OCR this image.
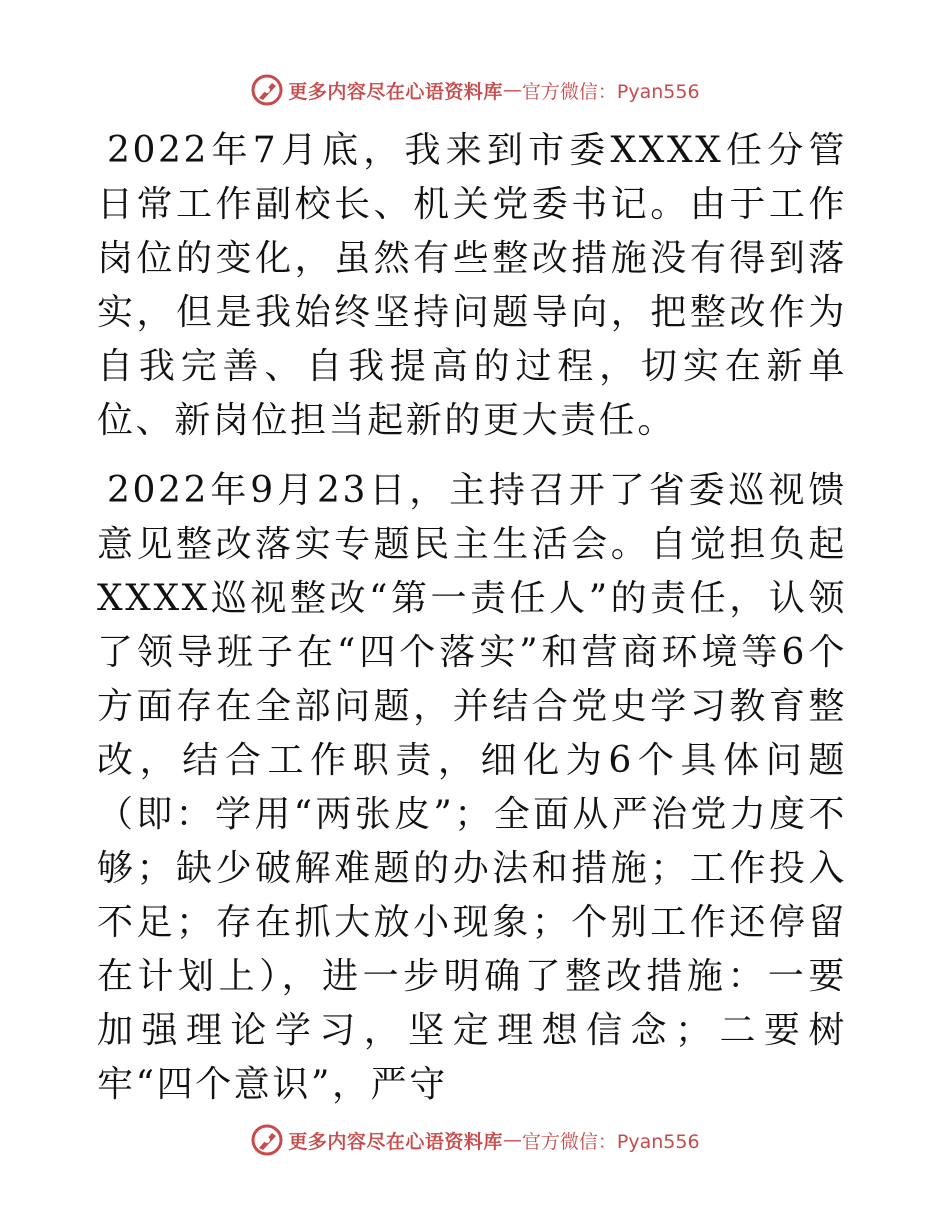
更多内容尽在心语资料库 — 官方微信：Pyan556

2022年7月底，我来到市委XXXX任分管日常工作副校长、机关党委书记。由于工作岗位的变化，虽然有些整改措施没有得到落实，但是我始终坚持问题导向，把整改作为自我完善、自我提高的过程，切实在新单位、新岗位担当起新的更大责任。

2022年9月23日，主持召开了省委巡视馈意见整改落实专题民主生活会。自觉担负起XXXX巡视整改“第一责任人”的责任，认领了领导班子在“四个落实”和营商环境等6个方面存在全部问题，并结合党史学习教育整改，结合工作职责，细化为6个具体问题（即：学用“两张皮”；全面从严治党力度不够；缺少破解难题的办法和措施；工作投入不足；存在抓大放小现象；个别工作还停留在计划上），进一步明确了整改措施：一要加强理论学习，坚定理想信念；二要树牢“四个意识”，严守

更多内容尽在心语资料库 — 官方微信：Pyan556
